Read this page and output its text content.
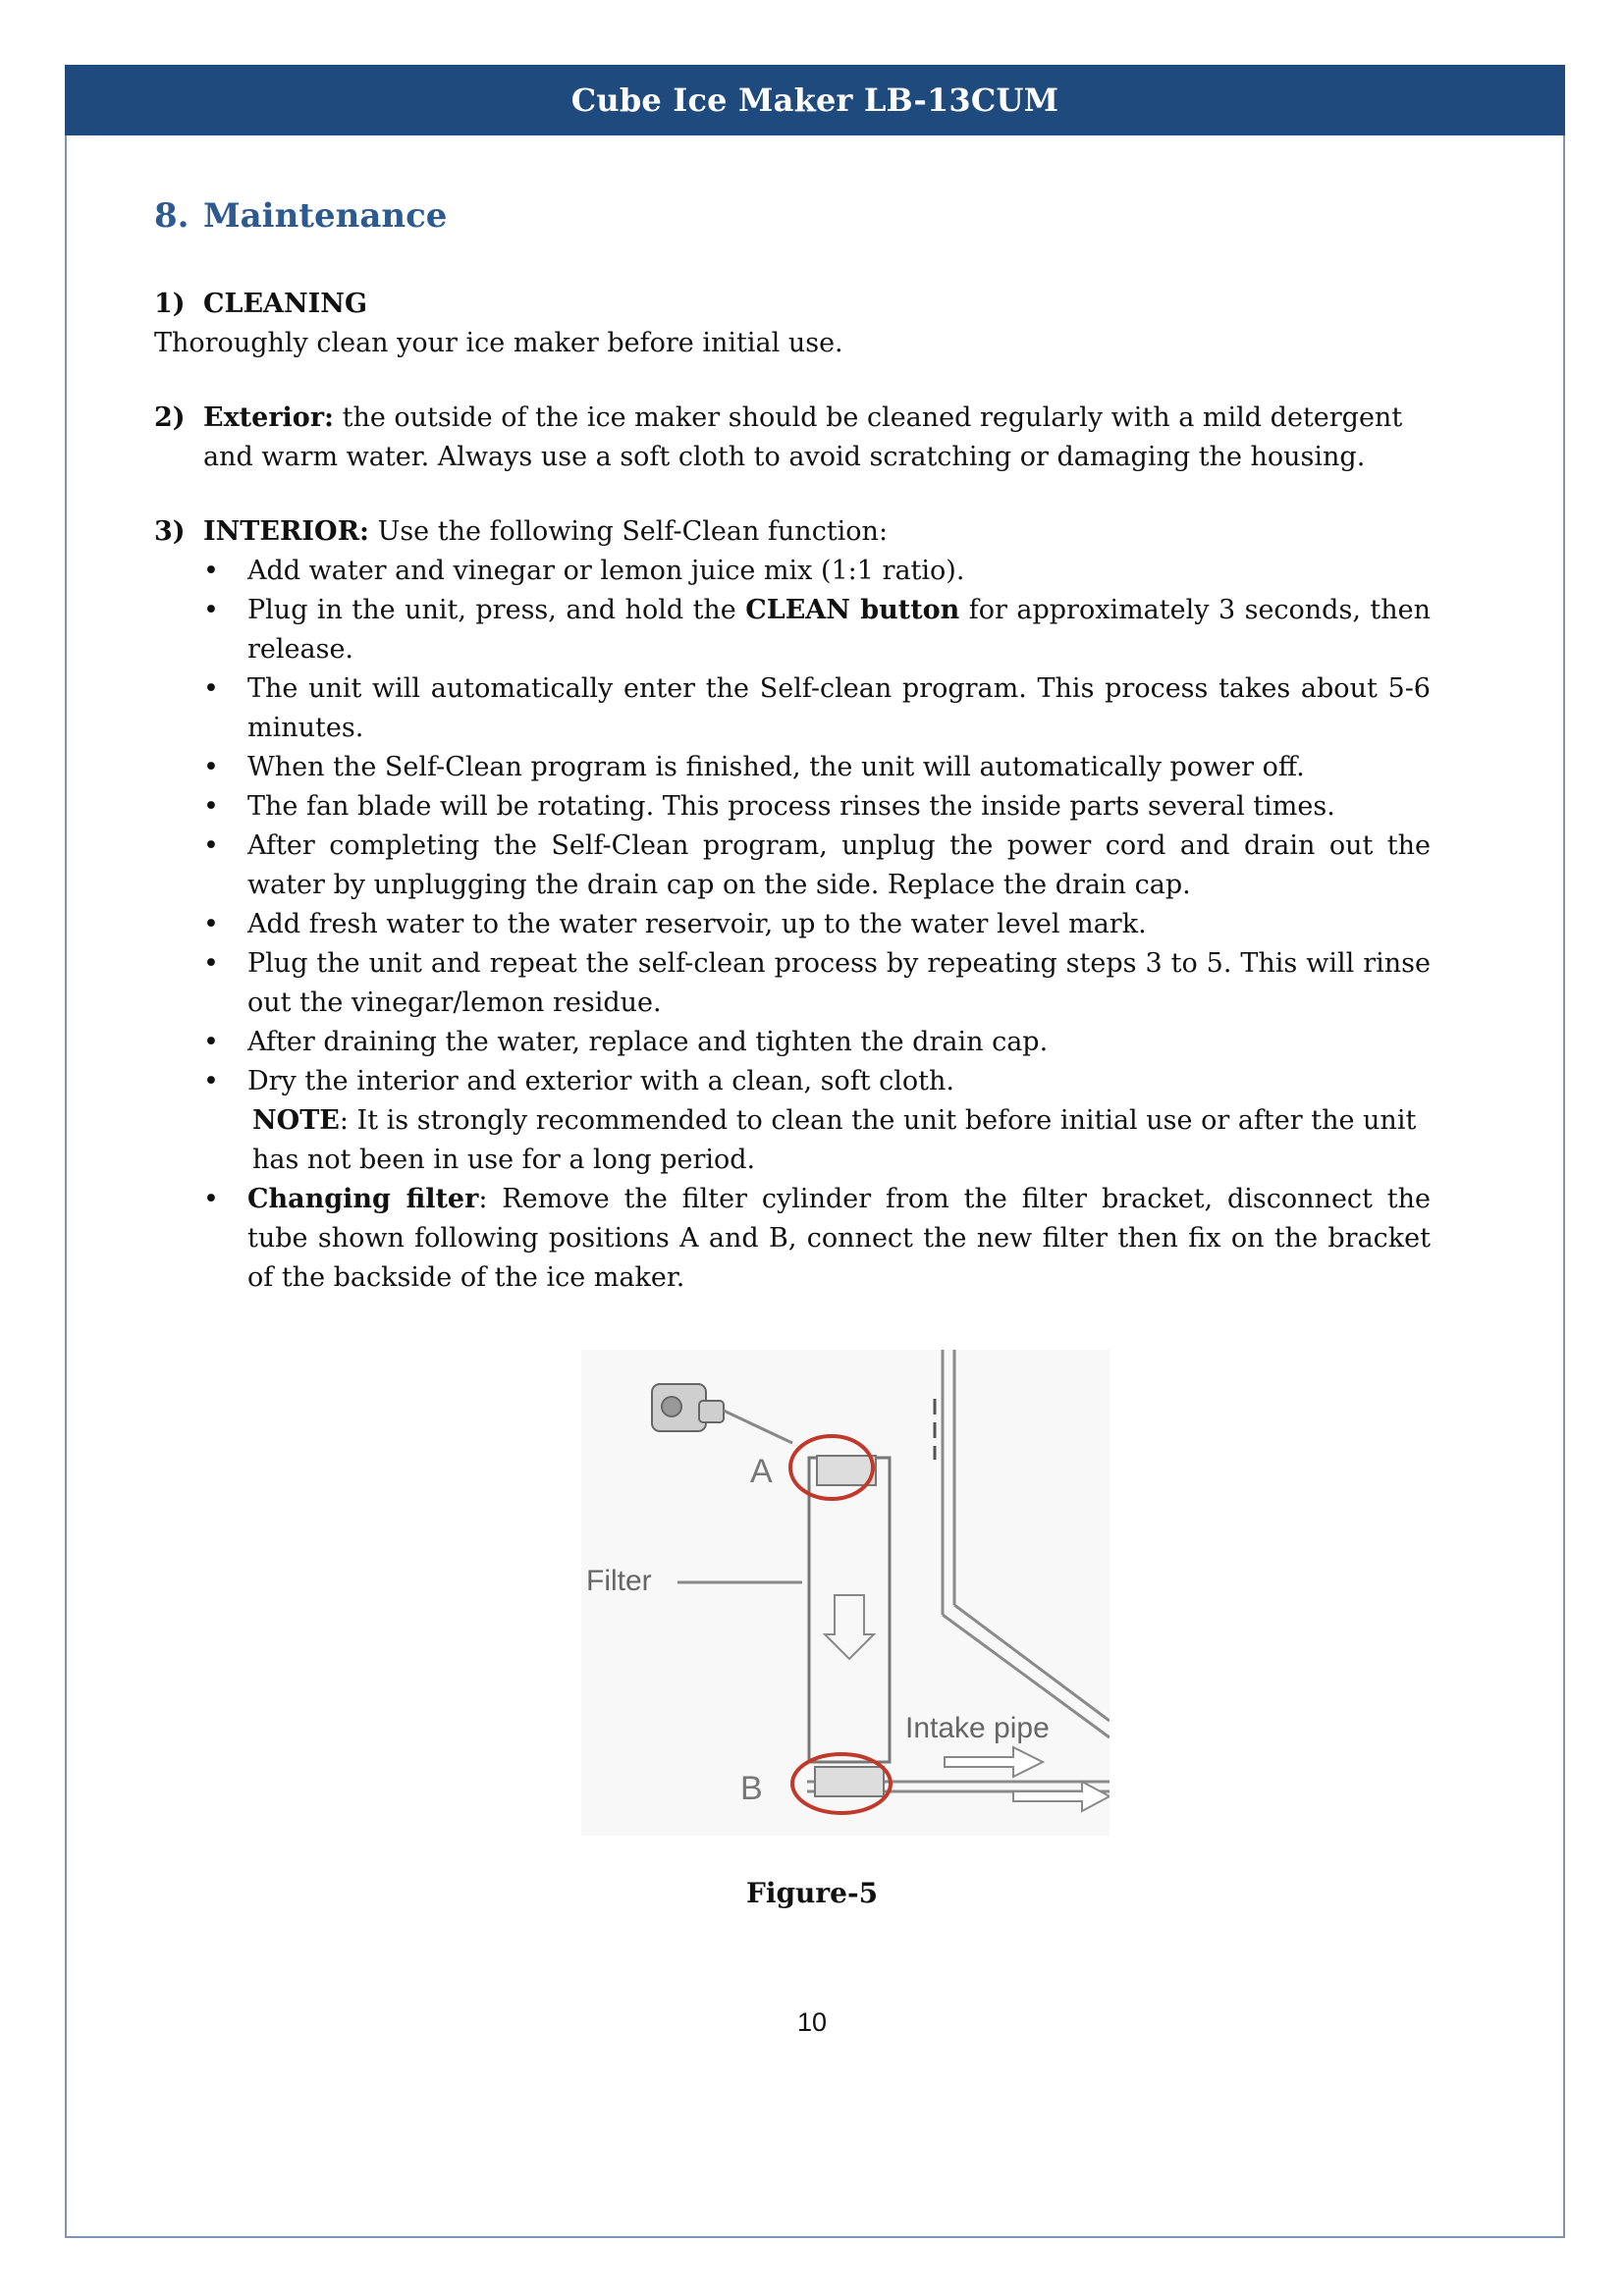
Cube Ice Maker LB-13CUM
8. Maintenance

1) CLEANING

Thoroughly clean your ice maker before initial use.

2) Exterior: the outside of the ice maker should be cleaned regularly with a mild detergent and warm water. Always use a soft cloth to avoid scratching or damaging the housing.

3) INTERIOR: Use the following Self-Clean function:

• Add water and vinegar or lemon juice mix (1:1 ratio).
• Plug in the unit, press, and hold the CLEAN button for approximately 3 seconds, then release.
• The unit will automatically enter the Self-clean program. This process takes about 5-6 minutes.
• When the Self-Clean program is finished, the unit will automatically power off.
• The fan blade will be rotating. This process rinses the inside parts several times.
• After completing the Self-Clean program, unplug the power cord and drain out the water by unplugging the drain cap on the side. Replace the drain cap.
• Add fresh water to the water reservoir, up to the water level mark.
• Plug the unit and repeat the self-clean process by repeating steps 3 to 5. This will rinse out the vinegar/lemon residue.
• After draining the water, replace and tighten the drain cap.
• Dry the interior and exterior with a clean, soft cloth.

NOTE: It is strongly recommended to clean the unit before initial use or after the unit has not been in use for a long period.

• Changing filter: Remove the filter cylinder from the filter bracket, disconnect the tube shown following positions A and B, connect the new filter then fix on the bracket of the backside of the ice maker.
A
B
Filter
Intake pipe
Figure-5
10
